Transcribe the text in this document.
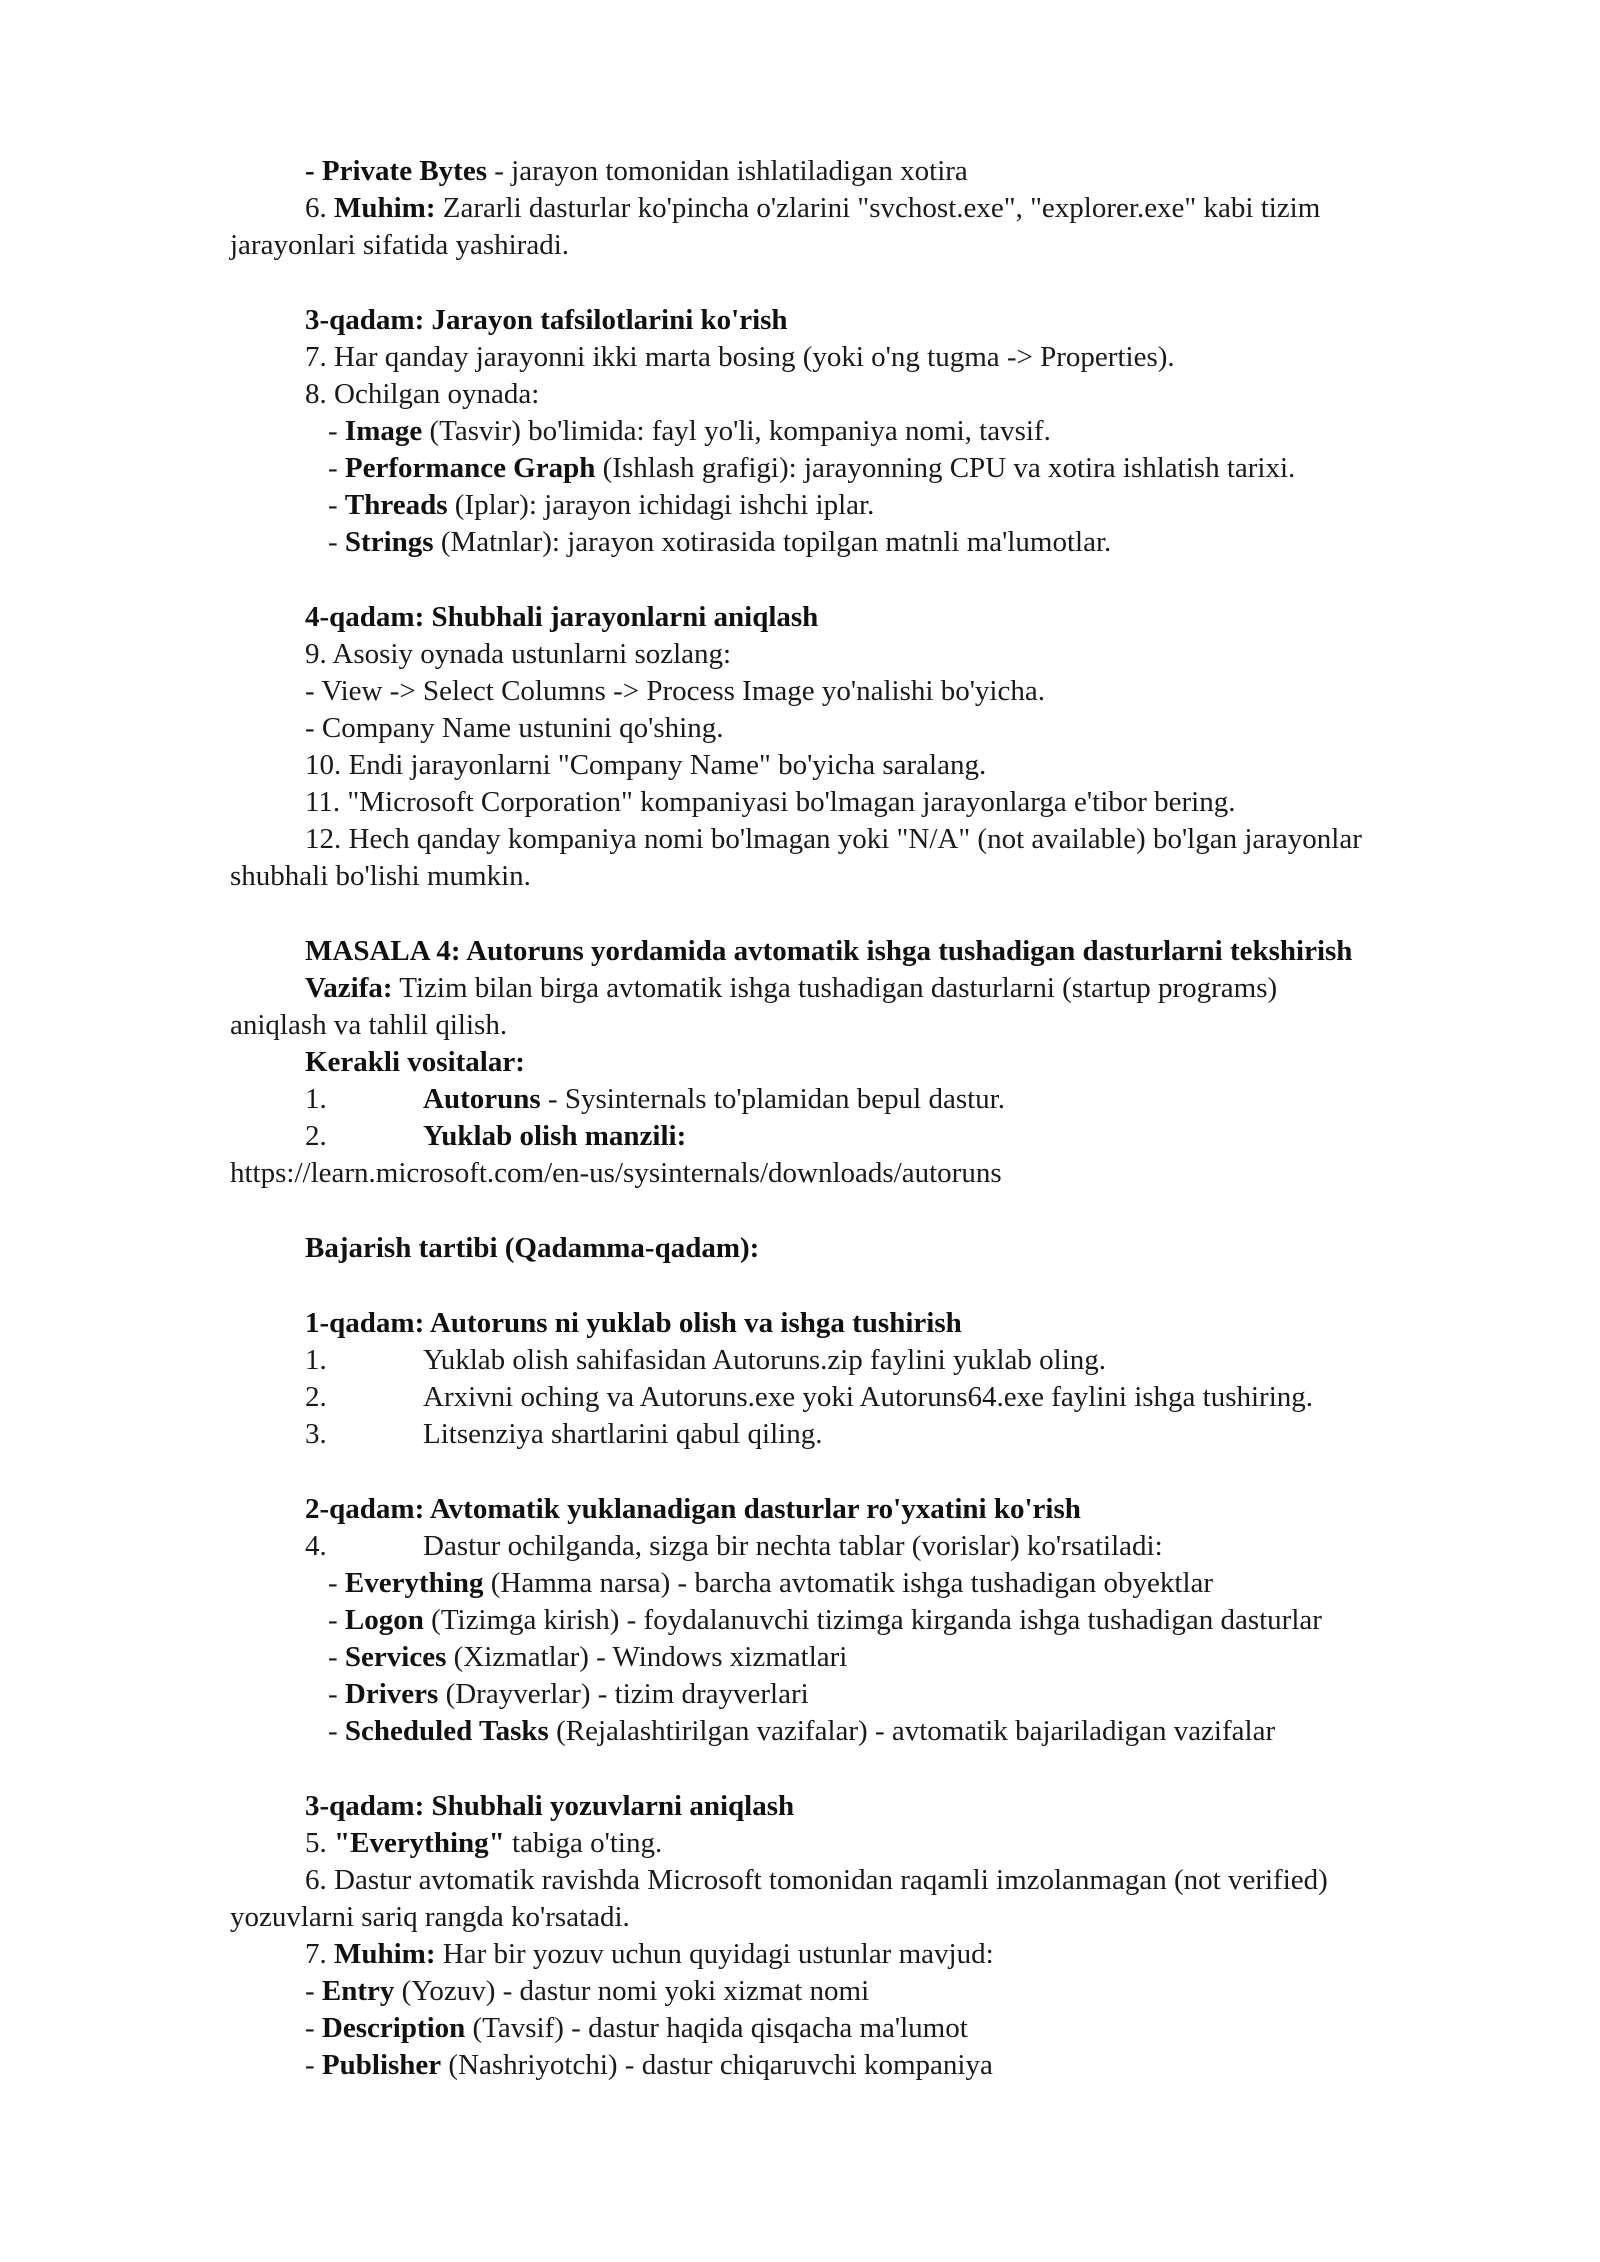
- Private Bytes - jarayon tomonidan ishlatiladigan xotira
6. Muhim: Zararli dasturlar ko'pincha o'zlarini "svchost.exe", "explorer.exe" kabi tizim
jarayonlari sifatida yashiradi.
3-qadam: Jarayon tafsilotlarini ko'rish
7. Har qanday jarayonni ikki marta bosing (yoki o'ng tugma -> Properties).
8. Ochilgan oynada:
- Image (Tasvir) bo'limida: fayl yo'li, kompaniya nomi, tavsif.
- Performance Graph (Ishlash grafigi): jarayonning CPU va xotira ishlatish tarixi.
- Threads (Iplar): jarayon ichidagi ishchi iplar.
- Strings (Matnlar): jarayon xotirasida topilgan matnli ma'lumotlar.
4-qadam: Shubhali jarayonlarni aniqlash
9. Asosiy oynada ustunlarni sozlang:
- View -> Select Columns -> Process Image yo'nalishi bo'yicha.
- Company Name ustunini qo'shing.
10. Endi jarayonlarni "Company Name" bo'yicha saralang.
11. "Microsoft Corporation" kompaniyasi bo'lmagan jarayonlarga e'tibor bering.
12. Hech qanday kompaniya nomi bo'lmagan yoki "N/A" (not available) bo'lgan jarayonlar
shubhali bo'lishi mumkin.
MASALA 4: Autoruns yordamida avtomatik ishga tushadigan dasturlarni tekshirish
Vazifa: Tizim bilan birga avtomatik ishga tushadigan dasturlarni (startup programs)
aniqlash va tahlil qilish.
Kerakli vositalar:
1.	Autoruns - Sysinternals to'plamidan bepul dastur.
2.	Yuklab olish manzili:
https://learn.microsoft.com/en-us/sysinternals/downloads/autoruns
Bajarish tartibi (Qadamma-qadam):
1-qadam: Autoruns ni yuklab olish va ishga tushirish
1.	Yuklab olish sahifasidan Autoruns.zip faylini yuklab oling.
2.	Arxivni oching va Autoruns.exe yoki Autoruns64.exe faylini ishga tushiring.
3.	Litsenziya shartlarini qabul qiling.
2-qadam: Avtomatik yuklanadigan dasturlar ro'yxatini ko'rish
4.	Dastur ochilganda, sizga bir nechta tablar (vorislar) ko'rsatiladi:
- Everything (Hamma narsa) - barcha avtomatik ishga tushadigan obyektlar
- Logon (Tizimga kirish) - foydalanuvchi tizimga kirganda ishga tushadigan dasturlar
- Services (Xizmatlar) - Windows xizmatlari
- Drivers (Drayverlar) - tizim drayverlari
- Scheduled Tasks (Rejalashtirilgan vazifalar) - avtomatik bajariladigan vazifalar
3-qadam: Shubhali yozuvlarni aniqlash
5. "Everything" tabiga o'ting.
6. Dastur avtomatik ravishda Microsoft tomonidan raqamli imzolanmagan (not verified)
yozuvlarni sariq rangda ko'rsatadi.
7. Muhim: Har bir yozuv uchun quyidagi ustunlar mavjud:
- Entry (Yozuv) - dastur nomi yoki xizmat nomi
- Description (Tavsif) - dastur haqida qisqacha ma'lumot
- Publisher (Nashriyotchi) - dastur chiqaruvchi kompaniya
